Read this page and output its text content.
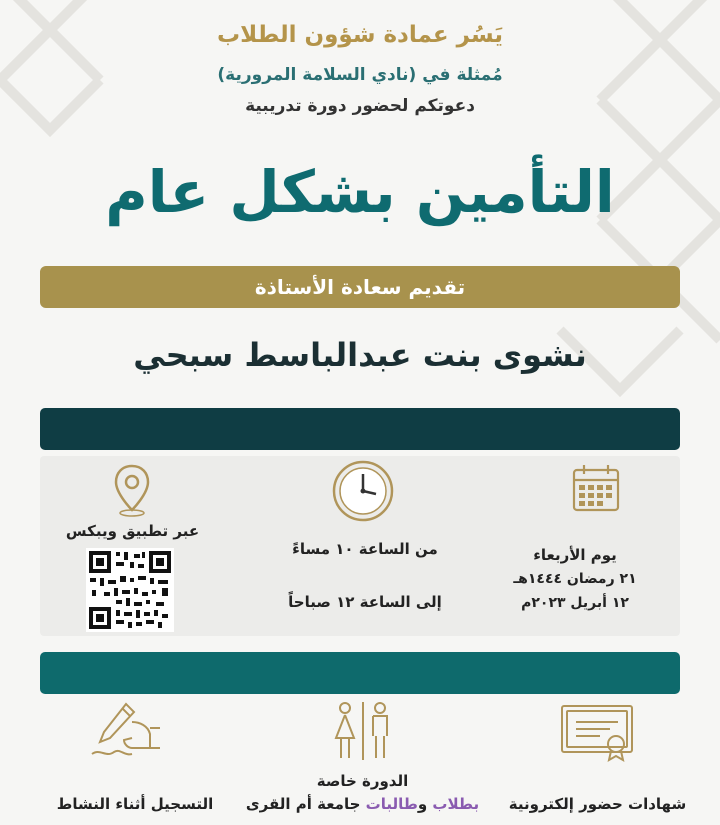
يَسُر عمادة شؤون الطلاب
مُمثلة في (نادي السلامة المرورية)
دعوتكم لحضور دورة تدريبية
التأمين بشكل عام
تقديم سعادة الأستاذة
نشوى بنت عبدالباسط سبحي
يوم الأربعاء
٢١ رمضان ١٤٤٤هـ
١٢ أبريل ٢٠٢٣م
من الساعة ١٠ مساءً
إلى الساعة ١٢ صباحاً
عبر تطبيق ويبكس
شهادات حضور إلكترونية
الدورة خاصة
بطلاب وطالبات جامعة أم القرى
التسجيل أثناء النشاط
